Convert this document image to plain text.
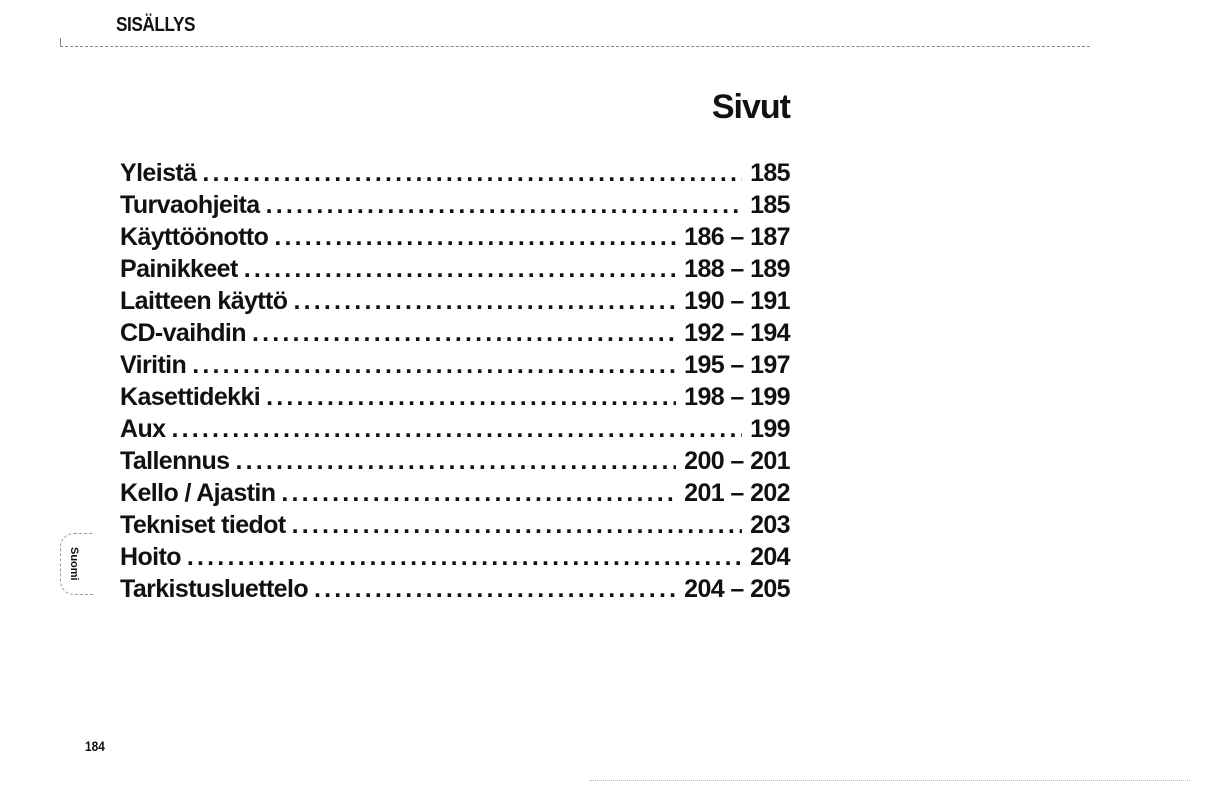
SISÄLLYS
Sivut
Yleistä .....	185
Turvaohjeita .....	185
Käyttöönotto .....	186 – 187
Painikkeet .....	188 – 189
Laitteen käyttö .....	190 – 191
CD-vaihdin .....	192 – 194
Viritin .....	195 – 197
Kasettidekki .....	198 – 199
Aux .....	199
Tallennus .....	200 – 201
Kello / Ajastin .....	201 – 202
Tekniset tiedot .....	203
Hoito .....	204
Tarkistusluettelo .....	204 – 205
Suomi
184
